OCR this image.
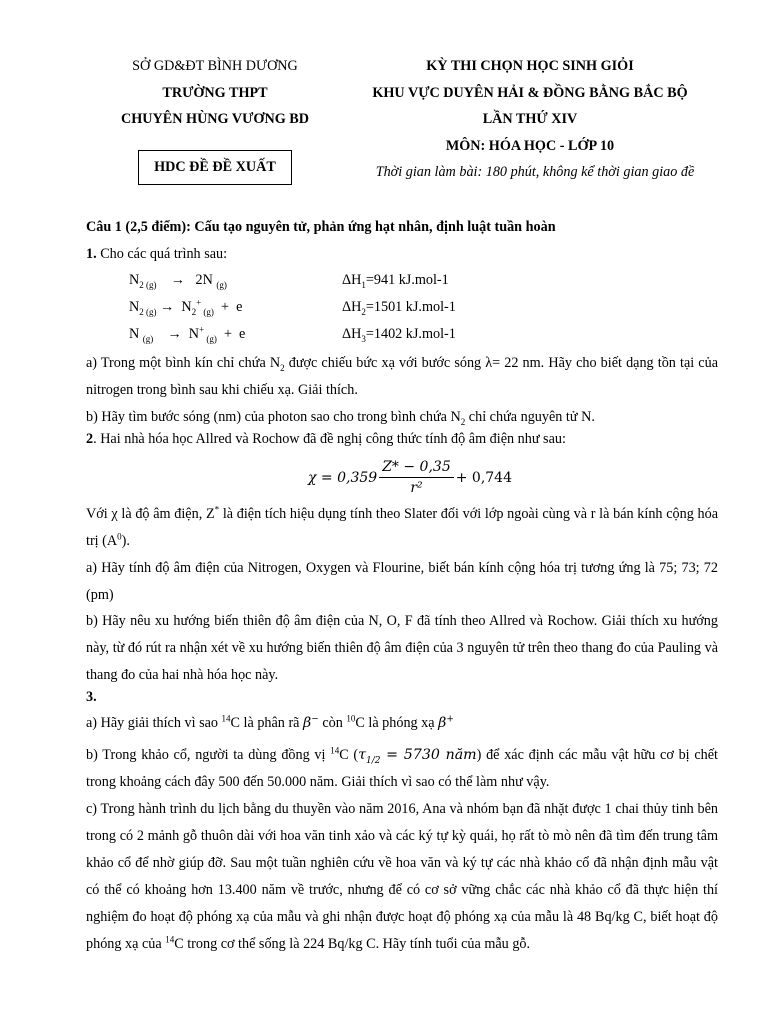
SỞ GD&ĐT BÌNH DƯƠNG
TRƯỜNG THPT
CHUYÊN HÙNG VƯƠNG BD
HDC ĐỀ ĐỀ XUẤT
KỲ THI CHỌN HỌC SINH GIỎI
KHU VỰC DUYÊN HẢI & ĐỒNG BẰNG BẮC BỘ
LẦN THỨ XIV
MÔN: HÓA HỌC - LỚP 10
Thời gian làm bài: 180 phút, không kể thời gian giao đề
Câu 1 (2,5 điểm): Cấu tạo nguyên tử, phản ứng hạt nhân, định luật tuần hoàn
1. Cho các quá trình sau:
$N_{2 (g)}$    →   2N $_{(g)}$	$\Delta H_1=941$ kJ.mol-1
$N_{2 (g)} \to N_2^+$ $_{(g)}$  +  e	$\Delta H_2=1501$ kJ.mol-1
N $_{(g)}$    →  N+ $_{(g)}$  +  e	$\Delta H_3=1402$ kJ.mol-1
a) Trong một bình kín chỉ chứa $N_2$ được chiếu bức xạ với bước sóng λ= 22 nm. Hãy cho biết dạng tồn tại của nitrogen trong bình sau khi chiếu xạ. Giải thích.
b) Hãy tìm bước sóng (nm) của photon sao cho trong bình chứa $N_2$ chỉ chứa nguyên tử N.
2. Hai nhà hóa học Allred và Rochow đã đề nghị công thức tính độ âm điện như sau:
$\chi = 0,359 \frac{Z* - 0,35}{\text{r²}} + 0,744$
Với χ là độ âm điện, Z* là điện tích hiệu dụng tính theo Slater đối với lớp ngoài cùng và r là bán kính cộng hóa trị $(A^0)$.
a) Hãy tính độ âm điện của Nitrogen, Oxygen và Flourine, biết bán kính cộng hóa trị tương ứng là 75; 73; 72 (pm)
b) Hãy nêu xu hướng biến thiên độ âm điện của N, O, F đã tính theo Allred và Rochow. Giải thích xu hướng này, từ đó rút ra nhận xét về xu hướng biến thiên độ âm điện của 3 nguyên tử trên theo thang đo của Pauling và thang đo của hai nhà hóa học này.
3.
a) Hãy giải thích vì sao $^{14}$C là phân rã β− còn $^{10}$C là phóng xạ β+
b) Trong khảo cổ, người ta dùng đồng vị $^{14}$C ($\tau_{1/2} = 5730$ năm) để xác định các mẫu vật hữu cơ bị chết trong khoảng cách đây 500 đến 50.000 năm. Giải thích vì sao có thể làm như vậy.
c) Trong hành trình du lịch bằng du thuyền vào năm 2016, Ana và nhóm bạn đã nhặt được 1 chai thủy tinh bên trong có 2 mảnh gỗ thuôn dài với hoa văn tinh xảo và các ký tự kỳ quái, họ rất tò mò nên đã tìm đến trung tâm khảo cổ để nhờ giúp đỡ. Sau một tuần nghiên cứu về hoa văn và ký tự các nhà khảo cổ đã nhận định mẫu vật có thể có khoảng hơn 13.400 năm về trước, nhưng để có cơ sở vững chắc các nhà khảo cổ đã thực hiện thí nghiệm đo hoạt độ phóng xạ của mẫu và ghi nhận được hoạt độ phóng xạ của mẫu là 48 Bq/kg C, biết hoạt độ phóng xạ của $^{14}$C trong cơ thể sống là 224 Bq/kg C. Hãy tính tuổi của mẫu gỗ.
